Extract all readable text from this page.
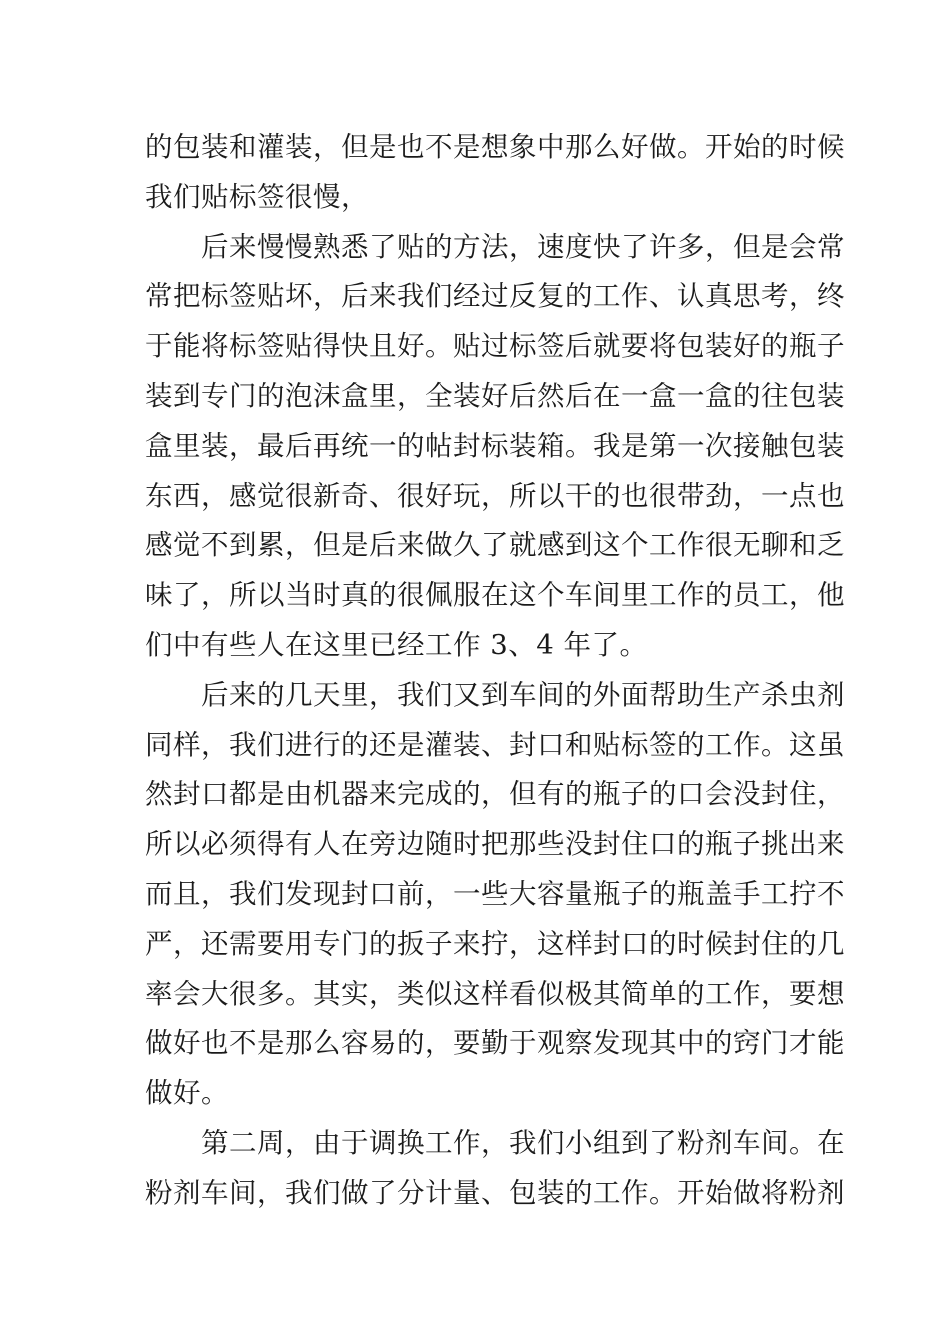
的包装和灌装，但是也不是想象中那么好做。开始的时候
我们贴标签很慢，
　　后来慢慢熟悉了贴的方法，速度快了许多，但是会常
常把标签贴坏，后来我们经过反复的工作、认真思考，终
于能将标签贴得快且好。贴过标签后就要将包装好的瓶子
装到专门的泡沫盒里，全装好后然后在一盒一盒的往包装
盒里装，最后再统一的帖封标装箱。我是第一次接触包装
东西，感觉很新奇、很好玩，所以干的也很带劲，一点也
感觉不到累，但是后来做久了就感到这个工作很无聊和乏
味了，所以当时真的很佩服在这个车间里工作的员工，他
们中有些人在这里已经工作 3、4 年了。
　　后来的几天里，我们又到车间的外面帮助生产杀虫剂
同样，我们进行的还是灌装、封口和贴标签的工作。这虽
然封口都是由机器来完成的，但有的瓶子的口会没封住，
所以必须得有人在旁边随时把那些没封住口的瓶子挑出来
而且，我们发现封口前，一些大容量瓶子的瓶盖手工拧不
严，还需要用专门的扳子来拧，这样封口的时候封住的几
率会大很多。其实，类似这样看似极其简单的工作，要想
做好也不是那么容易的，要勤于观察发现其中的窍门才能
做好。
　　第二周，由于调换工作，我们小组到了粉剂车间。在
粉剂车间，我们做了分计量、包装的工作。开始做将粉剂
